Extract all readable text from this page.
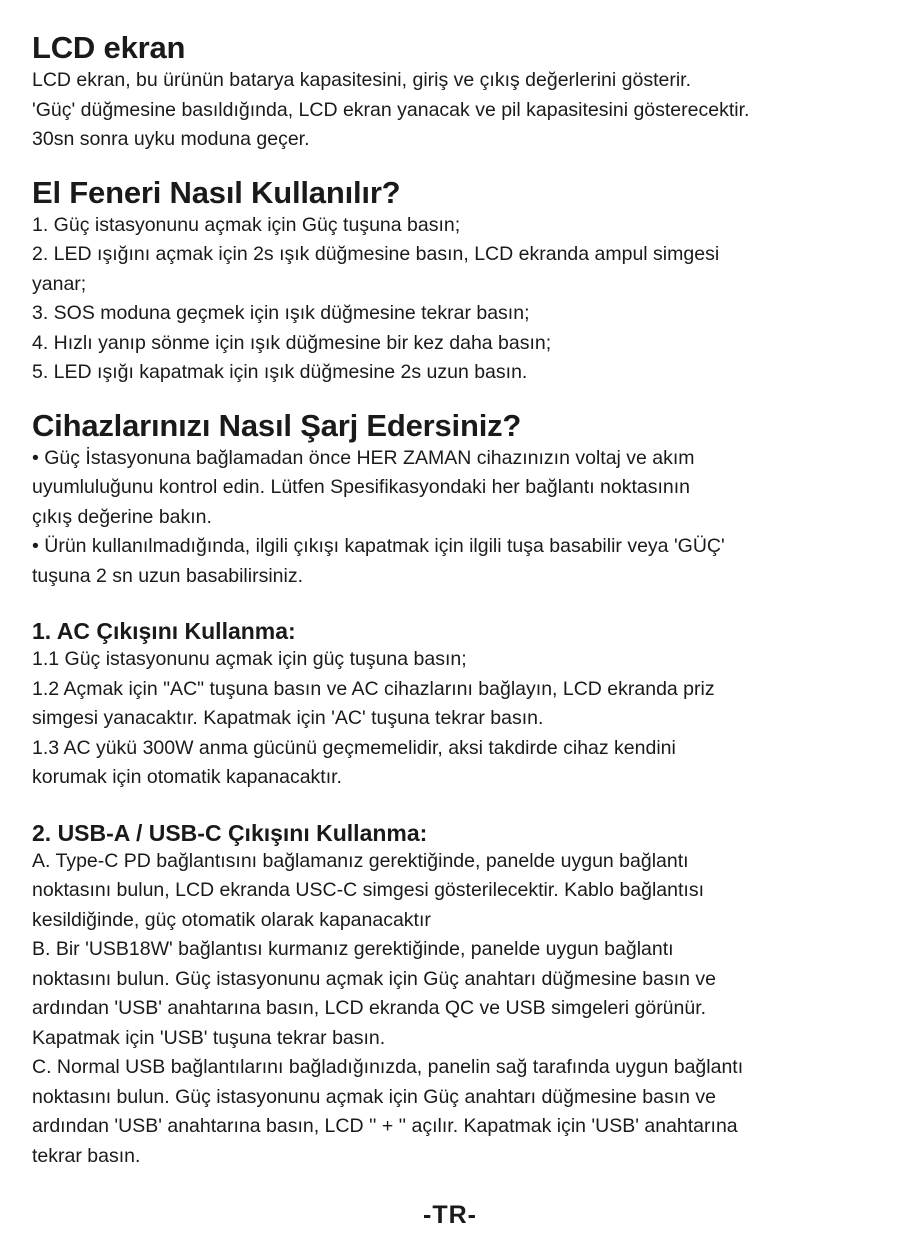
LCD ekran

LCD ekran, bu ürünün batarya kapasitesini, giriş ve çıkış değerlerini gösterir.

'Güç' düğmesine basıldığında, LCD ekran yanacak ve pil kapasitesini gösterecektir.

30sn sonra uyku moduna geçer.

El Feneri Nasıl Kullanılır?

1. Güç istasyonunu açmak için Güç tuşuna basın;

2. LED ışığını açmak için 2s ışık düğmesine basın, LCD ekranda ampul simgesi

yanar;

3. SOS moduna geçmek için ışık düğmesine tekrar basın;

4. Hızlı yanıp sönme için ışık düğmesine bir kez daha basın;

5. LED ışığı kapatmak için ışık düğmesine 2s uzun basın.

Cihazlarınızı Nasıl Şarj Edersiniz?

• Güç İstasyonuna bağlamadan önce HER ZAMAN cihazınızın voltaj ve akım

uyumluluğunu kontrol edin. Lütfen Spesifikasyondaki her bağlantı noktasının

çıkış değerine bakın.

• Ürün kullanılmadığında, ilgili çıkışı kapatmak için ilgili tuşa basabilir veya 'GÜÇ'

tuşuna 2 sn uzun basabilirsiniz.

1. AC Çıkışını Kullanma:

1.1 Güç istasyonunu açmak için güç tuşuna basın;

1.2 Açmak için "AC" tuşuna basın ve AC cihazlarını bağlayın, LCD ekranda priz

simgesi yanacaktır. Kapatmak için 'AC' tuşuna tekrar basın.

1.3 AC yükü 300W anma gücünü geçmemelidir, aksi takdirde cihaz kendini

korumak için otomatik kapanacaktır.

2. USB-A / USB-C Çıkışını Kullanma:

A. Type-C PD bağlantısını bağlamanız gerektiğinde, panelde uygun bağlantı

noktasını bulun, LCD ekranda USC-C simgesi gösterilecektir. Kablo bağlantısı

kesildiğinde, güç otomatik olarak kapanacaktır

B. Bir 'USB18W' bağlantısı kurmanız gerektiğinde, panelde uygun bağlantı

noktasını bulun. Güç istasyonunu açmak için Güç anahtarı düğmesine basın ve

ardından 'USB' anahtarına basın, LCD ekranda QC ve USB simgeleri görünür.

Kapatmak için 'USB' tuşuna tekrar basın.

C. Normal USB bağlantılarını bağladığınızda, panelin sağ tarafında uygun bağlantı

noktasını bulun. Güç istasyonunu açmak için Güç anahtarı düğmesine basın ve

ardından 'USB' anahtarına basın, LCD '' + '' açılır. Kapatmak için 'USB' anahtarına

tekrar basın.

-TR-
